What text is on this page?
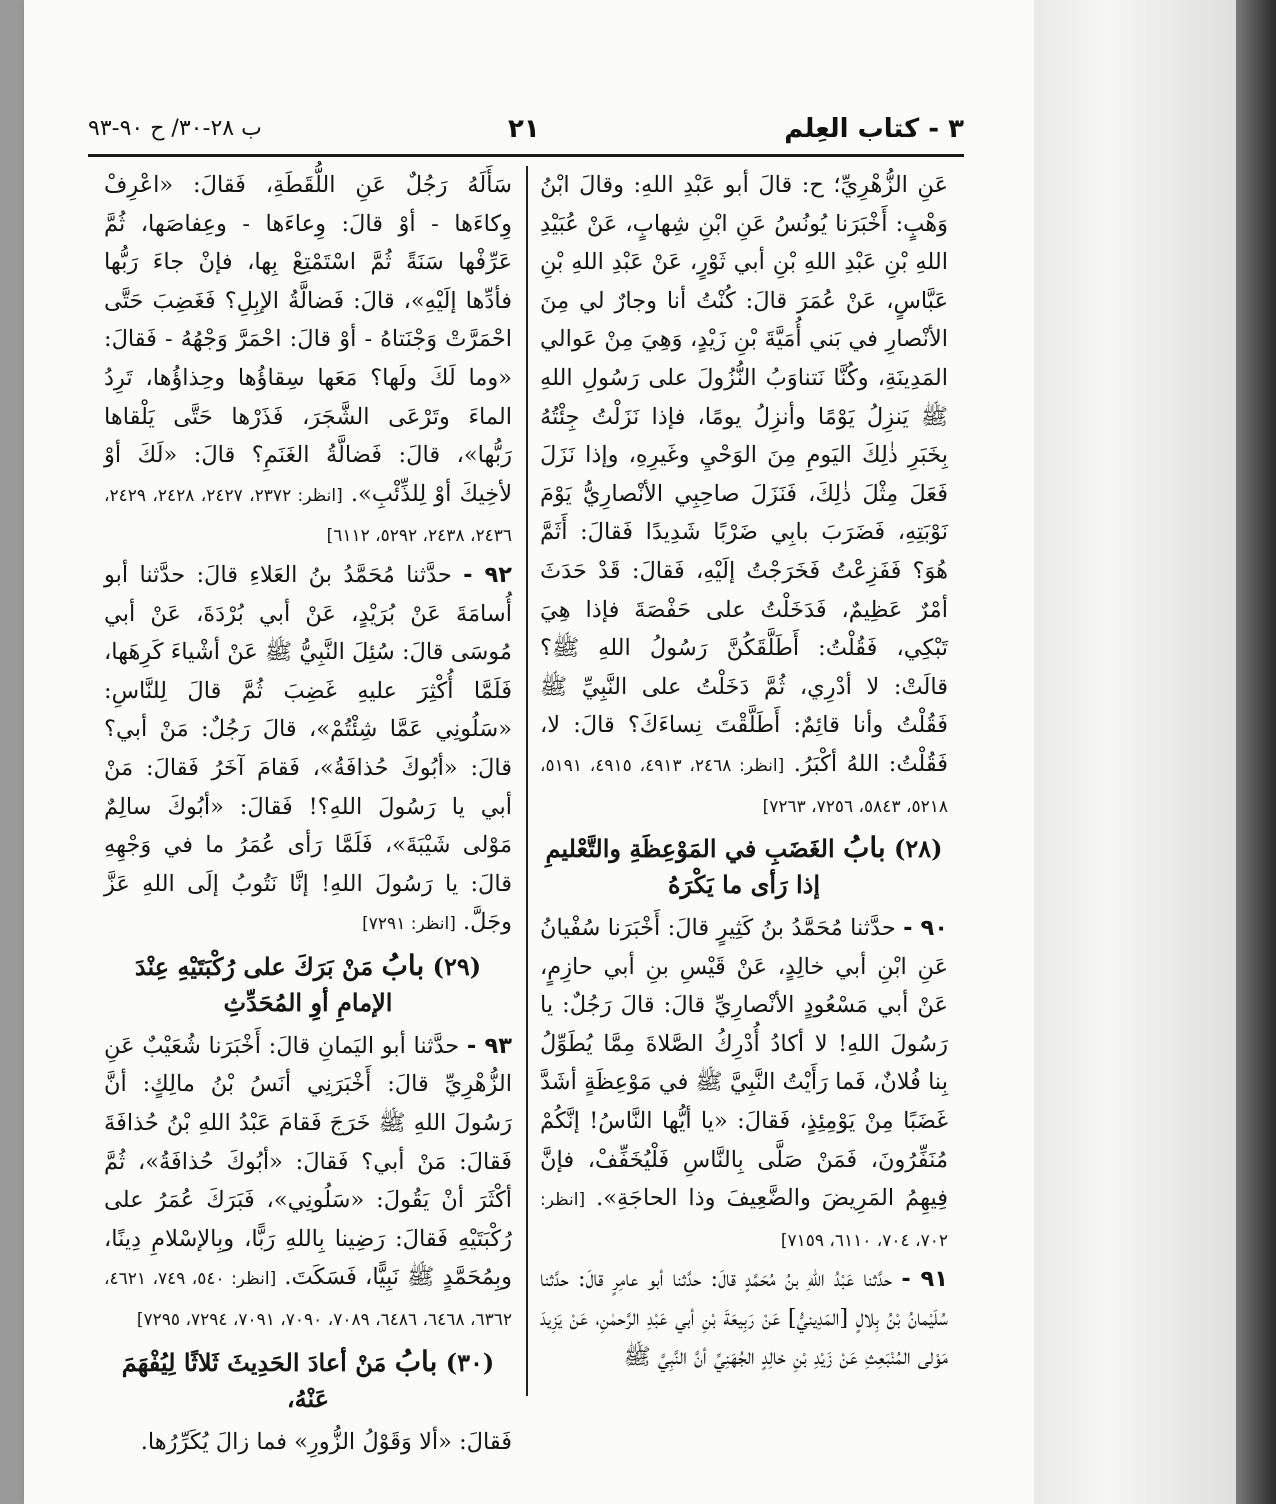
٣ - كتاب العِلم
٢١
ب ٢٨-٣٠/ ح ٩٠-٩٣

عَنِ الزُّهْرِيِّ؛ ح: قالَ أبو عَبْدِ اللهِ: وقالَ ابْنُ وَهْبٍ: أَخْبَرَنا يُونُسُ عَنِ ابْنِ شِهابٍ، عَنْ عُبَيْدِ اللهِ بْنِ عَبْدِ اللهِ بْنِ أبي ثَوْرٍ، عَنْ عَبْدِ اللهِ بْنِ عَبَّاسٍ، عَنْ عُمَرَ قالَ: كُنْتُ أنا وجارٌ لي مِنَ الأنْصارِ في بَني أُمَيَّةَ بْنِ زَيْدٍ، وَهِيَ مِنْ عَوالي المَدِينَةِ، وكُنَّا نَتناوَبُ النُّزُولَ على رَسُولِ اللهِ ﷺ يَنزِلُ يَوْمًا وأنزِلُ يومًا، فإذا نَزَلْتُ جِئْتُهُ بِخَبَرِ ذٰلِكَ اليَومِ مِنَ الوَحْيِ وغَيرِهِ، وإذا نَزَلَ فَعَلَ مِثْلَ ذٰلِكَ، فَنَزَلَ صاحِبِي الأنْصارِيُّ يَوْمَ نَوْبَتِهِ، فَضَرَبَ بابِي ضَرْبًا شَدِيدًا فَقالَ: أَثَمَّ هُوَ؟ فَفَزِعْتُ فَخَرَجْتُ إلَيْهِ، فَقالَ: قَدْ حَدَثَ أمْرٌ عَظِيمٌ، فَدَخَلْتُ على حَفْصَةَ فإذا هِيَ تَبْكِي، فَقُلْتُ: أَطَلَّقَكُنَّ رَسُولُ اللهِ ﷺ؟ قالَتْ: لا أدْرِي، ثُمَّ دَخَلْتُ على النَّبِيِّ ﷺ فَقُلْتُ وأنا قائِمٌ: أَطَلَّقْتَ نِساءَكَ؟ قالَ: لا، فَقُلْتُ: اللهُ أكْبَرُ. [انظر: ٢٤٦٨، ٤٩١٣، ٤٩١٥، ٥١٩١، ٥٢١٨، ٥٨٤٣، ٧٢٥٦، ٧٢٦٣]

(٢٨) بابُ الغَضَبِ في المَوْعِظَةِ والتَّعْليمِ إذا رَأى ما يَكْرَهُ

٩٠ - حدَّثنا مُحَمَّدُ بنُ كَثِيرٍ قالَ: أَخْبَرَنا سُفْيانُ عَنِ ابْنِ أبي خالِدٍ، عَنْ قَيْسِ بنِ أبي حازِمٍ، عَنْ أبي مَسْعُودٍ الأنْصارِيِّ قالَ: قالَ رَجُلٌ: يا رَسُولَ اللهِ! لا أكادُ أُدْرِكُ الصَّلاةَ مِمَّا يُطَوِّلُ بِنا فُلانٌ، فَما رَأَيْتُ النَّبِيَّ ﷺ في مَوْعِظَةٍ أشَدَّ غَضَبًا مِنْ يَوْمِئِذٍ، فَقالَ: «يا أيُّها النَّاسُ! إنَّكُمْ مُنَفِّرُونَ، فَمَنْ صَلَّى بِالنَّاسِ فَلْيُخَفِّفْ، فإنَّ فِيهِمُ المَرِيضَ والضَّعِيفَ وذا الحاجَةِ». [انظر: ٧٠٢، ٧٠٤، ٦١١٠، ٧١٥٩]

٩١ - حدَّثنا عَبْدُ اللهِ بنُ مُحَمَّدٍ قالَ: حدَّثنا أبو عامِرٍ قالَ: حدَّثنا سُلَيْمانُ بْنُ بِلالٍ [المَدِينيُّ] عَنْ رَبِيعَةَ بْنِ أبي عَبْدِ الرَّحمٰنِ، عَنْ يَزِيدَ مَوْلى المُنْبَعِثِ عَنْ زَيْدِ بْنِ خالِدٍ الجُهَنِيِّ أنَّ النَّبِيَّ ﷺ

سَأَلَهُ رَجُلٌ عَنِ اللُّقَطَةِ، فَقالَ: «اعْرِفْ وِكاءَها - أوْ قالَ: وِعاءَها - وعِفاصَها، ثُمَّ عَرِّفْها سَنَةً ثُمَّ اسْتَمْتِعْ بِها، فإنْ جاءَ رَبُّها فأدِّها إلَيْهِ»، قالَ: فَضالَّةُ الإبِلِ؟ فَغَضِبَ حَتَّى احْمَرَّتْ وَجْنَتاهُ - أوْ قالَ: احْمَرَّ وَجْهُهُ - فَقالَ: «وما لَكَ ولَها؟ مَعَها سِقاؤُها وحِذاؤُها، تَرِدُ الماءَ وتَرْعَى الشَّجَرَ، فَذَرْها حَتَّى يَلْقاها رَبُّها»، قالَ: فَضالَّةُ الغَنَمِ؟ قالَ: «لَكَ أوْ لأخِيكَ أوْ لِلذِّئْبِ». [انظر: ٢٣٧٢، ٢٤٢٧، ٢٤٢٨، ٢٤٢٩، ٢٤٣٦، ٢٤٣٨، ٥٢٩٢، ٦١١٢]

٩٢ - حدَّثنا مُحَمَّدُ بنُ العَلاءِ قالَ: حدَّثنا أبو أُسامَةَ عَنْ بُرَيْدٍ، عَنْ أبي بُرْدَةَ، عَنْ أبي مُوسَى قالَ: سُئِلَ النَّبِيُّ ﷺ عَنْ أشْياءَ كَرِهَها، فَلَمَّا أُكْثِرَ عليهِ غَضِبَ ثُمَّ قالَ لِلنَّاسِ: «سَلُونِي عَمَّا شِئْتُمْ»، قالَ رَجُلٌ: مَنْ أبي؟ قالَ: «أبُوكَ حُذافَةُ»، فَقامَ آخَرُ فَقالَ: مَنْ أبي يا رَسُولَ اللهِ؟! فَقالَ: «أبُوكَ سالِمٌ مَوْلى شَيْبَةَ»، فَلَمَّا رَأى عُمَرُ ما في وَجْهِهِ قالَ: يا رَسُولَ اللهِ! إنَّا نَتُوبُ إلَى اللهِ عَزَّ وجَلَّ. [انظر: ٧٢٩١]

(٢٩) بابُ مَنْ بَرَكَ على رُكْبَتَيْهِ عِنْدَ الإمامِ أوِ المُحَدِّثِ

٩٣ - حدَّثنا أبو اليَمانِ قالَ: أَخْبَرَنا شُعَيْبٌ عَنِ الزُّهْرِيِّ قالَ: أَخْبَرَنِي أنَسُ بْنُ مالِكٍ: أنَّ رَسُولَ اللهِ ﷺ خَرَجَ فَقامَ عَبْدُ اللهِ بْنُ حُذافَةَ فَقالَ: مَنْ أبي؟ فَقالَ: «أبُوكَ حُذافَةُ»، ثُمَّ أكْثَرَ أنْ يَقُولَ: «سَلُونِي»، فَبَرَكَ عُمَرُ على رُكْبَتَيْهِ فَقالَ: رَضِينا بِاللهِ رَبًّا، وبِالإسْلامِ دِينًا، وبِمُحَمَّدٍ ﷺ نَبِيًّا، فَسَكَتَ. [انظر: ٥٤٠، ٧٤٩، ٤٦٢١، ٦٣٦٢، ٦٤٦٨، ٦٤٨٦، ٧٠٨٩، ٧٠٩٠، ٧٠٩١، ٧٢٩٤، ٧٢٩٥]

(٣٠) بابُ مَنْ أعادَ الحَدِيثَ ثَلاثًا لِيُفْهَمَ عَنْهُ،

فَقالَ: «ألا وَقَوْلُ الزُّورِ» فما زالَ يُكَرِّرُها.
